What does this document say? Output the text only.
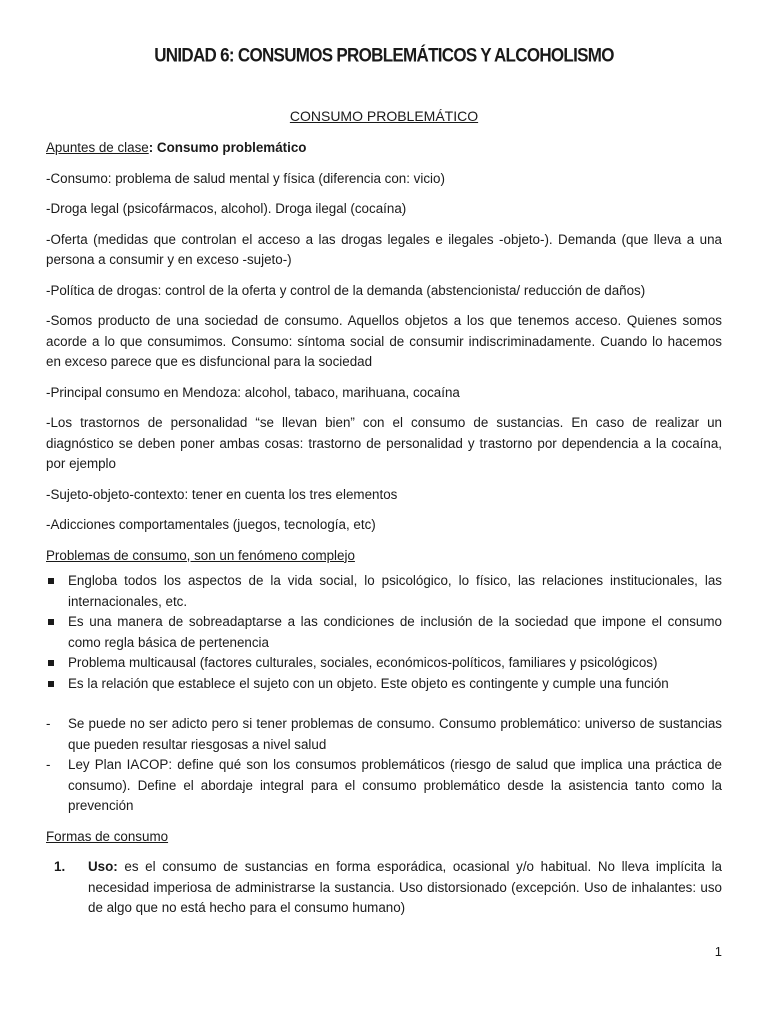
UNIDAD 6: CONSUMOS PROBLEMÁTICOS Y ALCOHOLISMO
CONSUMO PROBLEMÁTICO

Apuntes de clase: Consumo problemático

-Consumo: problema de salud mental y física (diferencia con: vicio)

-Droga legal (psicofármacos, alcohol). Droga ilegal (cocaína)

-Oferta (medidas que controlan el acceso a las drogas legales e ilegales -objeto-). Demanda (que lleva a una persona a consumir y en exceso -sujeto-)

-Política de drogas: control de la oferta y control de la demanda (abstencionista/ reducción de daños)

-Somos producto de una sociedad de consumo. Aquellos objetos a los que tenemos acceso. Quienes somos acorde a lo que consumimos. Consumo: síntoma social de consumir indiscriminadamente. Cuando lo hacemos en exceso parece que es disfuncional para la sociedad

-Principal consumo en Mendoza: alcohol, tabaco, marihuana, cocaína

-Los trastornos de personalidad “se llevan bien” con el consumo de sustancias. En caso de realizar un diagnóstico se deben poner ambas cosas: trastorno de personalidad y trastorno por dependencia a la cocaína, por ejemplo

-Sujeto-objeto-contexto: tener en cuenta los tres elementos

-Adicciones comportamentales (juegos, tecnología, etc)

Problemas de consumo, son un fenómeno complejo

Engloba todos los aspectos de la vida social, lo psicológico, lo físico, las relaciones institucionales, las internacionales, etc.
Es una manera de sobreadaptarse a las condiciones de inclusión de la sociedad que impone el consumo como regla básica de pertenencia
Problema multicausal (factores culturales, sociales, económicos-políticos, familiares y psicológicos)
Es la relación que establece el sujeto con un objeto. Este objeto es contingente y cumple una función
- Se puede no ser adicto pero si tener problemas de consumo. Consumo problemático: universo de sustancias que pueden resultar riesgosas a nivel salud
- Ley Plan IACOP: define qué son los consumos problemáticos (riesgo de salud que implica una práctica de consumo). Define el abordaje integral para el consumo problemático desde la asistencia tanto como la prevención

Formas de consumo

1. Uso: es el consumo de sustancias en forma esporádica, ocasional y/o habitual. No lleva implícita la necesidad imperiosa de administrarse la sustancia. Uso distorsionado (excepción. Uso de inhalantes: uso de algo que no está hecho para el consumo humano)
1
